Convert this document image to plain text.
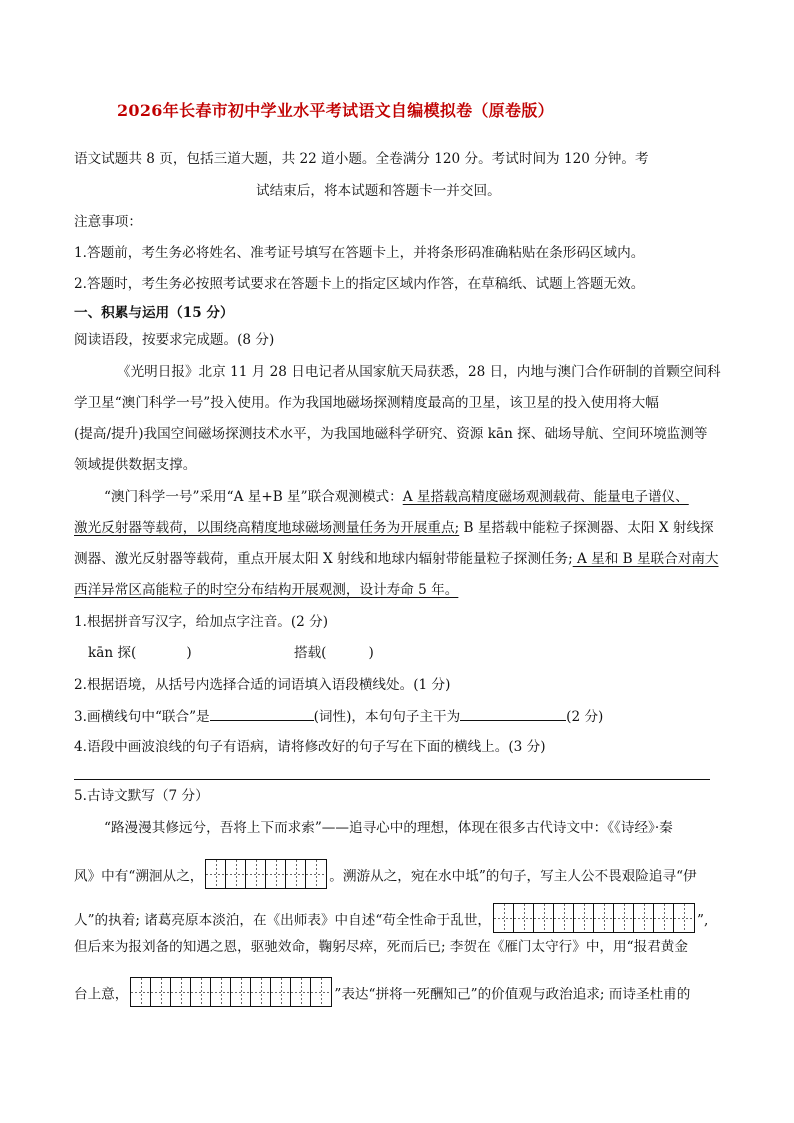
2026年长春市初中学业水平考试语文自编模拟卷（原卷版）
语文试题共 8 页，包括三道大题，共 22 道小题。全卷满分 120 分。考试时间为 120 分钟。考
试结束后，将本试题和答题卡一并交回。
注意事项：
1.答题前，考生务必将姓名、准考证号填写在答题卡上，并将条形码准确粘贴在条形码区域内。
2.答题时，考生务必按照考试要求在答题卡上的指定区域内作答，在草稿纸、试题上答题无效。
一、积累与运用（15 分）
阅读语段，按要求完成题。(8 分)
《光明日报》北京 11 月 28 日电记者从国家航天局获悉，28 日，内地与澳门合作研制的首颗空间科
学卫星“澳门科学一号”投入使用。作为我国地磁场探测精度最高的卫星，该卫星的投入使用将大幅
(提高/提升)我国空间磁场探测技术水平，为我国地磁科学研究、资源 kān 探、础场导航、空间环境监测等
领域提供数据支撑。
“澳门科学一号”采用“A 星+B 星”联合观测模式：A 星搭载高精度磁场观测载荷、能量电子谱仪、
激光反射器等载荷，以围绕高精度地球磁场测量任务为开展重点; B 星搭载中能粒子探测器、太阳 X 射线探
测器、激光反射器等载荷，重点开展太阳 X 射线和地球内辐射带能量粒子探测任务; A 星和 B 星联合对南大
西洋异常区高能粒子的时空分布结构开展观测，设计寿命 5 年。
1.根据拼音写汉字，给加点字注音。(2 分)
kān 探(	)	搭载(	)
2.根据语境，从括号内选择合适的词语填入语段横线处。(1 分)
3.画横线句中“联合”是	(词性)，本句句子主干为	(2 分)
4.语段中画波浪线的句子有语病，请将修改好的句子写在下面的横线上。(3 分)
5.古诗文默写（7 分）
“路漫漫其修远兮，吾将上下而求索”——追寻心中的理想，体现在很多古代诗文中：《《诗经》·秦
风》中有“溯洄从之，	。溯游从之，宛在水中坻”的句子，写主人公不畏艰险追寻“伊
人”的执着; 诸葛亮原本淡泊，在《出师表》中自述“苟全性命于乱世，	”,
但后来为报刘备的知遇之恩，驱驰效命，鞠躬尽瘁，死而后已; 李贺在《雁门太守行》中，用“报君黄金
台上意，	”表达“拼将一死酬知己”的价值观与政治追求; 而诗圣杜甫的
